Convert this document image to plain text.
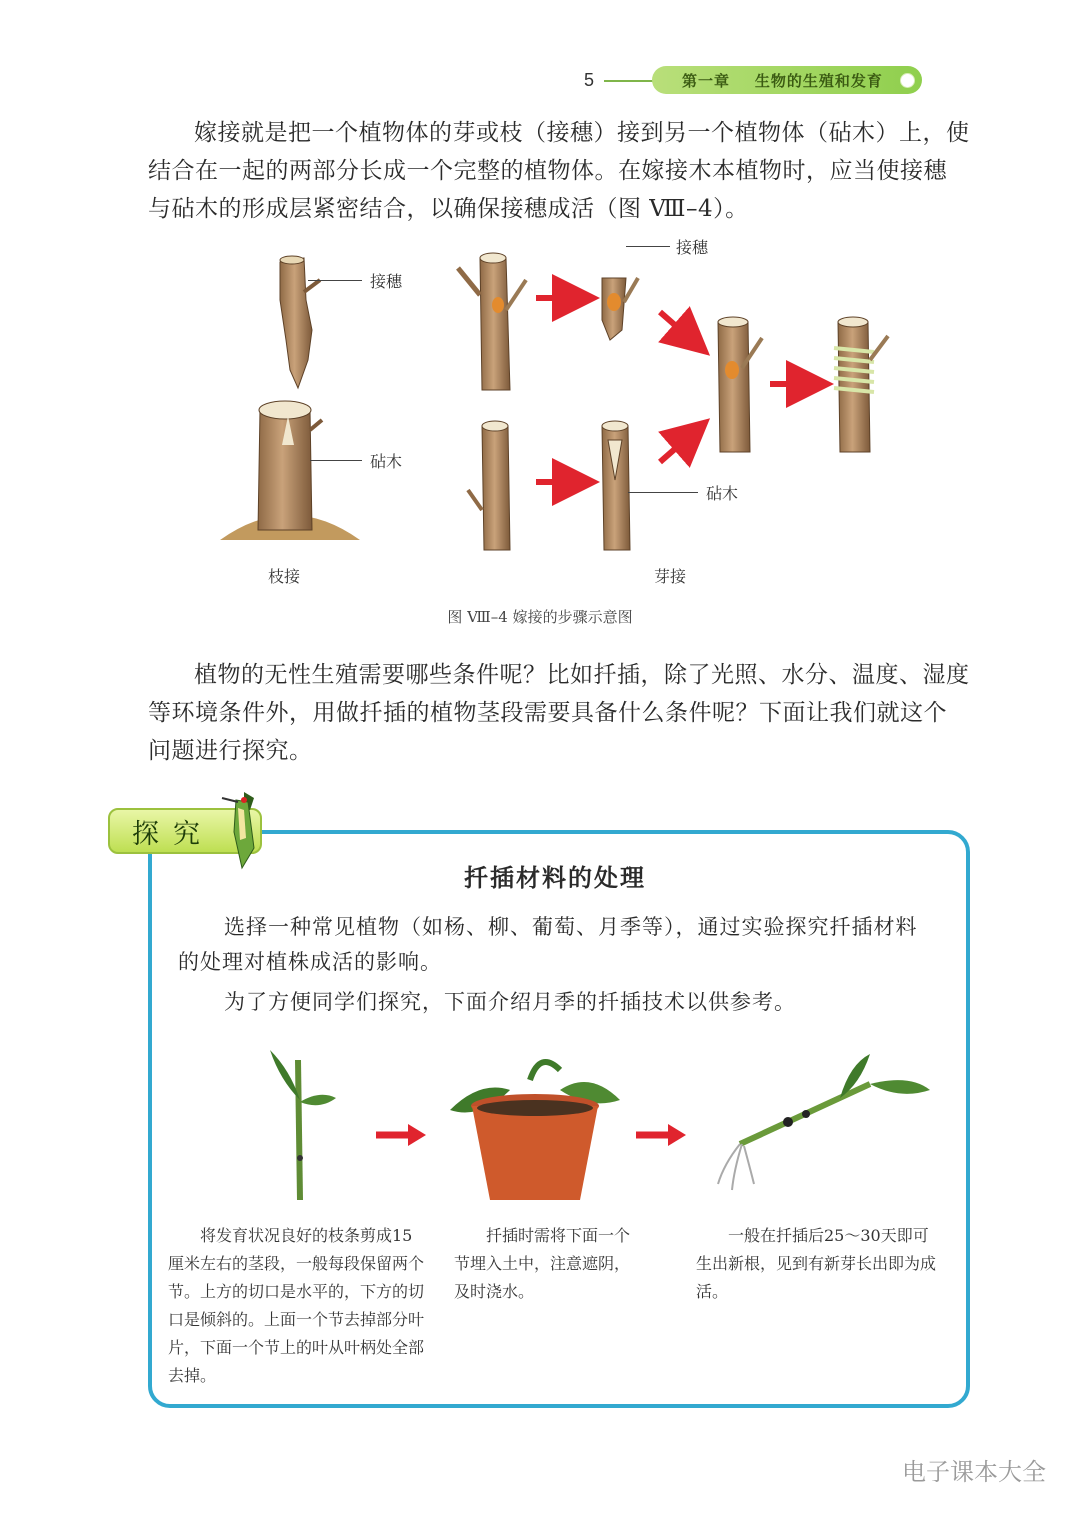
5	第一章    生物的生殖和发育
嫁接就是把一个植物体的芽或枝（接穗）接到另一个植物体（砧木）上，使结合在一起的两部分长成一个完整的植物体。在嫁接木本植物时，应当使接穗与砧木的形成层紧密结合，以确保接穗成活（图 Ⅷ–4）。
接穗
砧木
接穗
砧木
枝接	芽接
图 Ⅷ–4 嫁接的步骤示意图
植物的无性生殖需要哪些条件呢？比如扦插，除了光照、水分、温度、湿度等环境条件外，用做扦插的植物茎段需要具备什么条件呢？下面让我们就这个问题进行探究。
探究
扦插材料的处理
选择一种常见植物（如杨、柳、葡萄、月季等），通过实验探究扦插材料的处理对植株成活的影响。
为了方便同学们探究，下面介绍月季的扦插技术以供参考。
将发育状况良好的枝条剪成15厘米左右的茎段，一般每段保留两个节。上方的切口是水平的，下方的切口是倾斜的。上面一个节去掉部分叶片，下面一个节上的叶从叶柄处全部去掉。
扦插时需将下面一个节埋入土中，注意遮阴，及时浇水。
一般在扦插后25～30天即可生出新根，见到有新芽长出即为成活。
电子课本大全
